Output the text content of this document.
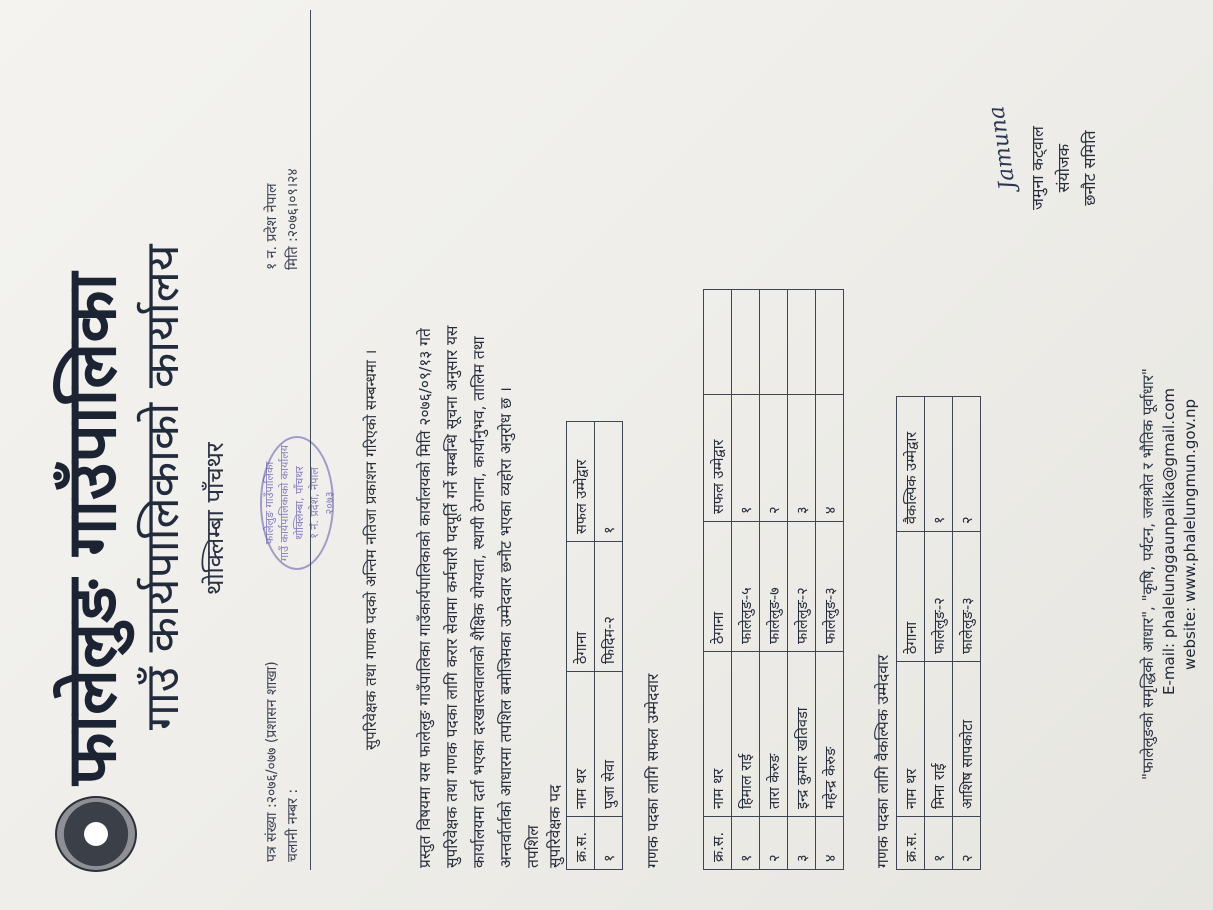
फालेलुङ गाउँपालिका गाउँ कार्यपालिकाको कार्यालय थोक्लिम्बा पाँचथर	फालेलुङ गाउँपालिका गाउँ कार्यपालिकाको कार्यालय थोक्लिम्बा, पाँचथर १ नं. प्रदेश, नेपाल २०७३
पत्र संख्या :२०७६/०७७ (प्रशासन शाखा) चलानी नम्बर :
१ न. प्रदेश नेपाल मिति :२०७६।०९।२४
सुपरिवेक्षक तथा गणक पदको अन्तिम नतिजा प्रकाशन गरिएको सम्बन्धमा ।	प्रस्तुत विषयमा यस फालेलुङ गाउँपालिका गाउँकार्यपालिकाको कार्यालयको मिति २०७६/०९/१३ गते सुपरिवेक्षक तथा गणक पदका लागि करार सेवामा कर्मचारी पदपूर्ति गर्ने सम्बन्धि सूचना अनुसार यस कार्यालयमा दर्ता भएका दरखास्तवालाको शैक्षिक योग्यता, स्थायी ठेगाना, कार्यानुभव, तालिम तथा अन्तर्वार्ताको आधारमा तपशिल बमोजिमका उम्मेदवार छनौट भएका व्यहोरा अनुरोध छ । तपशिल सुपरिवेक्षक पद क्र.स.	नाम थर	ठेगाना	सफल उम्मेद्वार
१	पुजा सेवा	फिदिम-२	१
गणक पदका लागि सफल उम्मेदवार	क्र.स.	नाम थर	ठेगाना	सफल उम्मेद्वार	
१	हिमाल राई	फालेलुङ-५	१	
२	तारा केरुङ	फालेलुङ-७	२	
३	इन्द्र कुमार खतिवडा	फालेलुङ-२	३	
४	महेन्द्र केरुङ	फालेलुङ-३	४	
गणक पदका लागि वैकल्पिक उम्मेदवार क्र.स.	नाम थर	ठेगाना	वैकल्पिक उम्मेद्वार
१	मिना राई	फालेलुङ-२	१
२	आशिष सापकोटा	फालेलुङ-३	२
Jamuna जमुना कट्वाल संयोजक छनौट समिति
"फालेलुङको समृद्धिको आधार", "कृषि, पर्यटन, जलश्रोत र भौतिक पूर्वाधार" E-mail: phalelunggaunpalika@gmail.com website: www.phalelungmun.gov.np
